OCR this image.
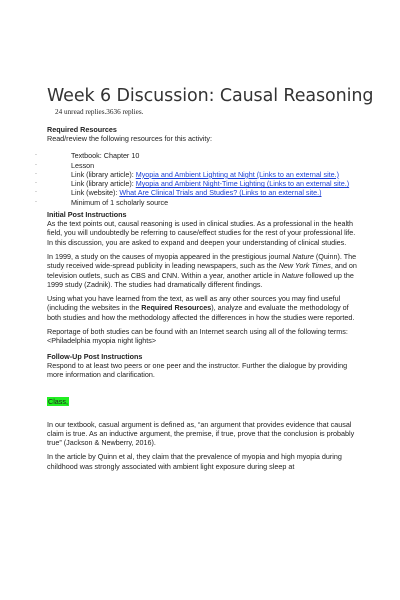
Week 6 Discussion: Causal Reasoning
24 unread replies.3636 replies.
Required Resources

Read/review the following resources for this activity:

·	Textbook: Chapter 10
·	Lesson
·	Link (library article): Myopia and Ambient Lighting at Night (Links to an external site.)
·	Link (library article): Myopia and Ambient Night-Time Lighting (Links to an external site.)
·	Link (website): What Are Clinical Trials and Studies? (Links to an external site.)
·	Minimum of 1 scholarly source
Initial Post Instructions

As the text points out, causal reasoning is used in clinical studies. As a professional in the health field, you will undoubtedly be referring to cause/effect studies for the rest of your professional life. In this discussion, you are asked to expand and deepen your understanding of clinical studies.

In 1999, a study on the causes of myopia appeared in the prestigious journal Nature (Quinn). The study received wide-spread publicity in leading newspapers, such as the New York Times, and on television outlets, such as CBS and CNN. Within a year, another article in Nature followed up the 1999 study (Zadnik). The studies had dramatically different findings.

Using what you have learned from the text, as well as any other sources you may find useful (including the websites in the Required Resources), analyze and evaluate the methodology of both studies and how the methodology affected the differences in how the studies were reported.

Reportage of both studies can be found with an Internet search using all of the following terms: <Philadelphia myopia night lights>

Follow-Up Post Instructions

Respond to at least two peers or one peer and the instructor. Further the dialogue by providing more information and clarification.

Class,

In our textbook, casual argument is defined as, “an argument that provides evidence that causal claim is true. As an inductive argument, the premise, if true, prove that the conclusion is probably true” (Jackson & Newberry, 2016).

In the article by Quinn et al, they claim that the prevalence of myopia and high myopia during childhood was strongly associated with ambient light exposure during sleep at
